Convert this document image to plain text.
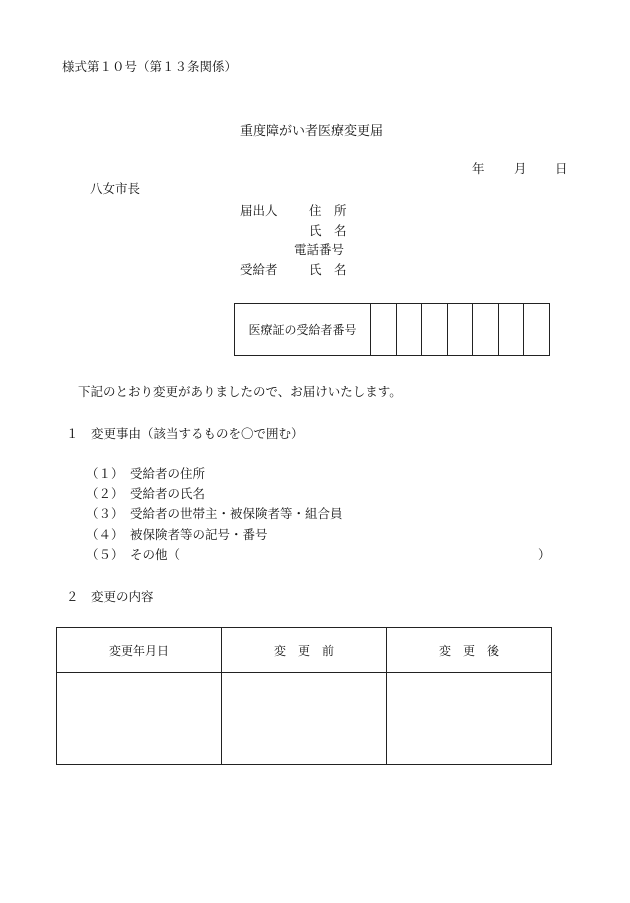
様式第１０号（第１３条関係）
重度障がい者医療変更届
年 月 日
八女市長
届出人	住　所
氏　名
電話番号
受給者	氏　名
医療証の受給者番号							
下記のとおり変更がありましたので、お届けいたします。
１　変更事由（該当するものを〇で囲む）
（１） 受給者の住所
（２） 受給者の氏名
（３） 受給者の世帯主・被保険者等・組合員
（４） 被保険者等の記号・番号
（５） その他（	）
２　変更の内容
変更年月日	変　更　前	変　更　後
